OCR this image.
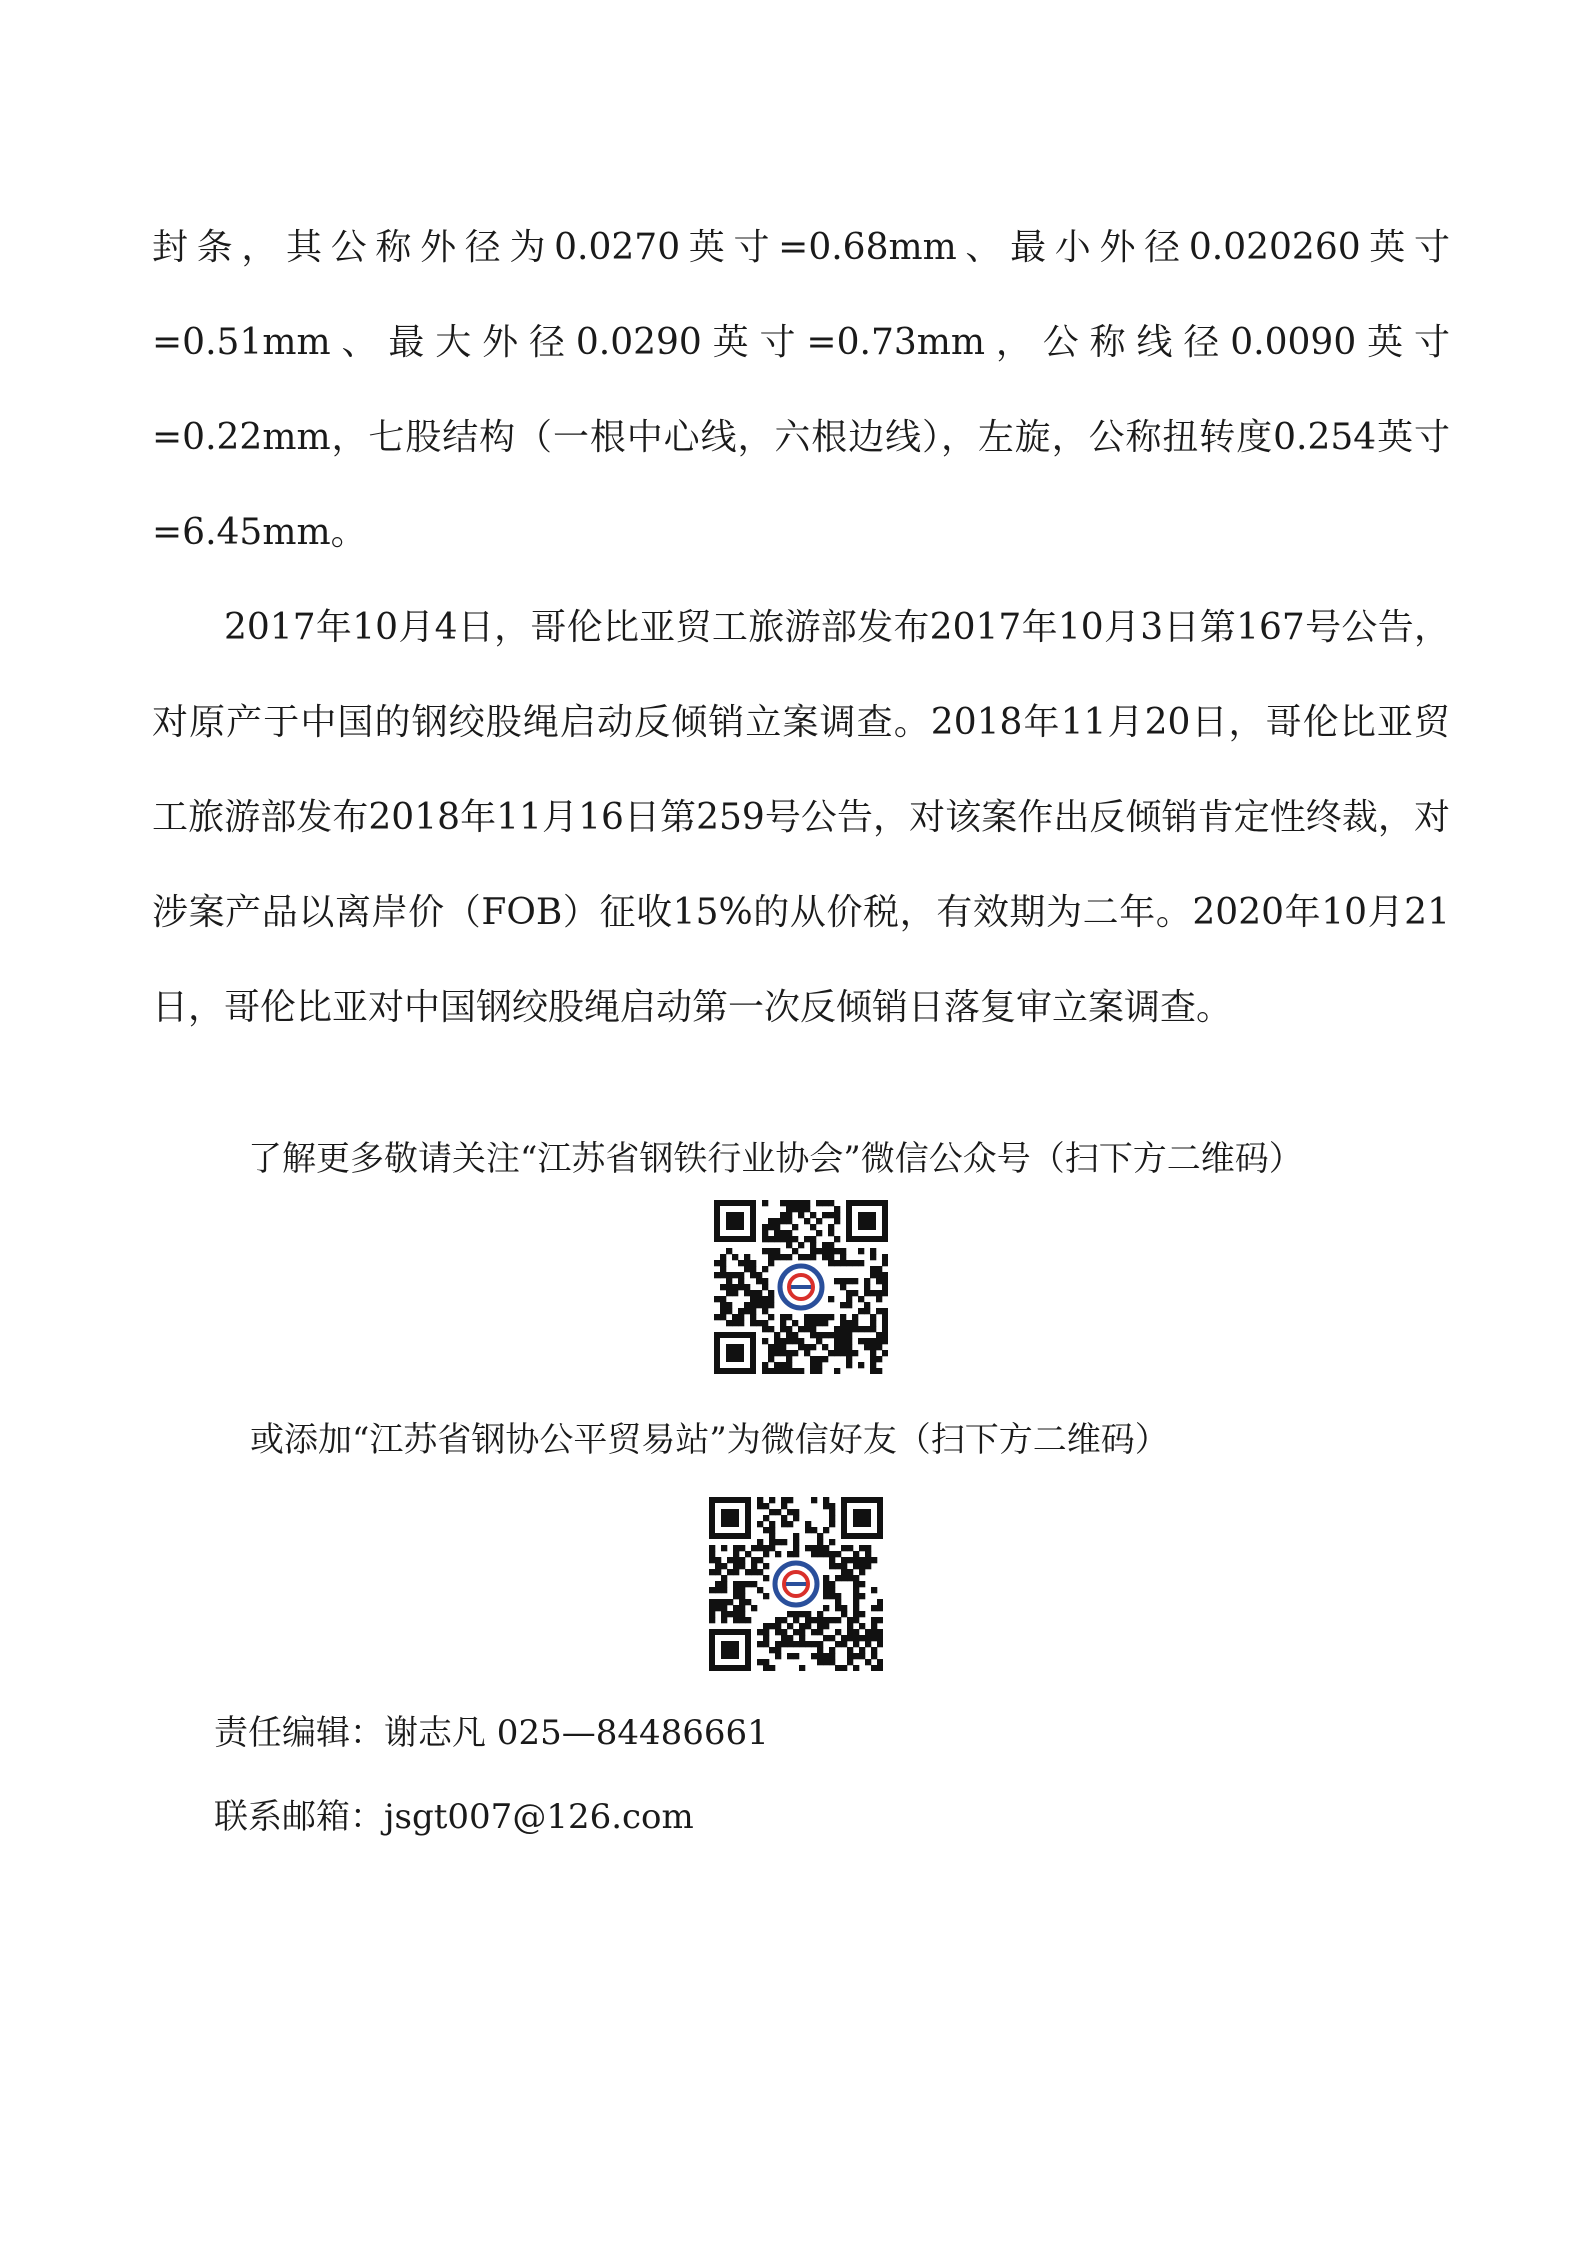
封条，其公称外径为0.0270英寸=0.68mm、最小外径0.020260英寸=0.51mm、最大外径0.0290英寸=0.73mm，公称线径0.0090英寸=0.22mm，七股结构（一根中心线，六根边线），左旋，公称扭转度0.254英寸=6.45mm。

2017年10月4日，哥伦比亚贸工旅游部发布2017年10月3日第167号公告，对原产于中国的钢绞股绳启动反倾销立案调查。2018年11月20日，哥伦比亚贸工旅游部发布2018年11月16日第259号公告，对该案作出反倾销肯定性终裁，对涉案产品以离岸价（FOB）征收15%的从价税，有效期为二年。2020年10月21日，哥伦比亚对中国钢绞股绳启动第一次反倾销日落复审立案调查。

了解更多敬请关注“江苏省钢铁行业协会”微信公众号（扫下方二维码）
或添加“江苏省钢协公平贸易站”为微信好友（扫下方二维码）
责任编辑：谢志凡 025—84486661
联系邮箱：jsgt007@126.com
